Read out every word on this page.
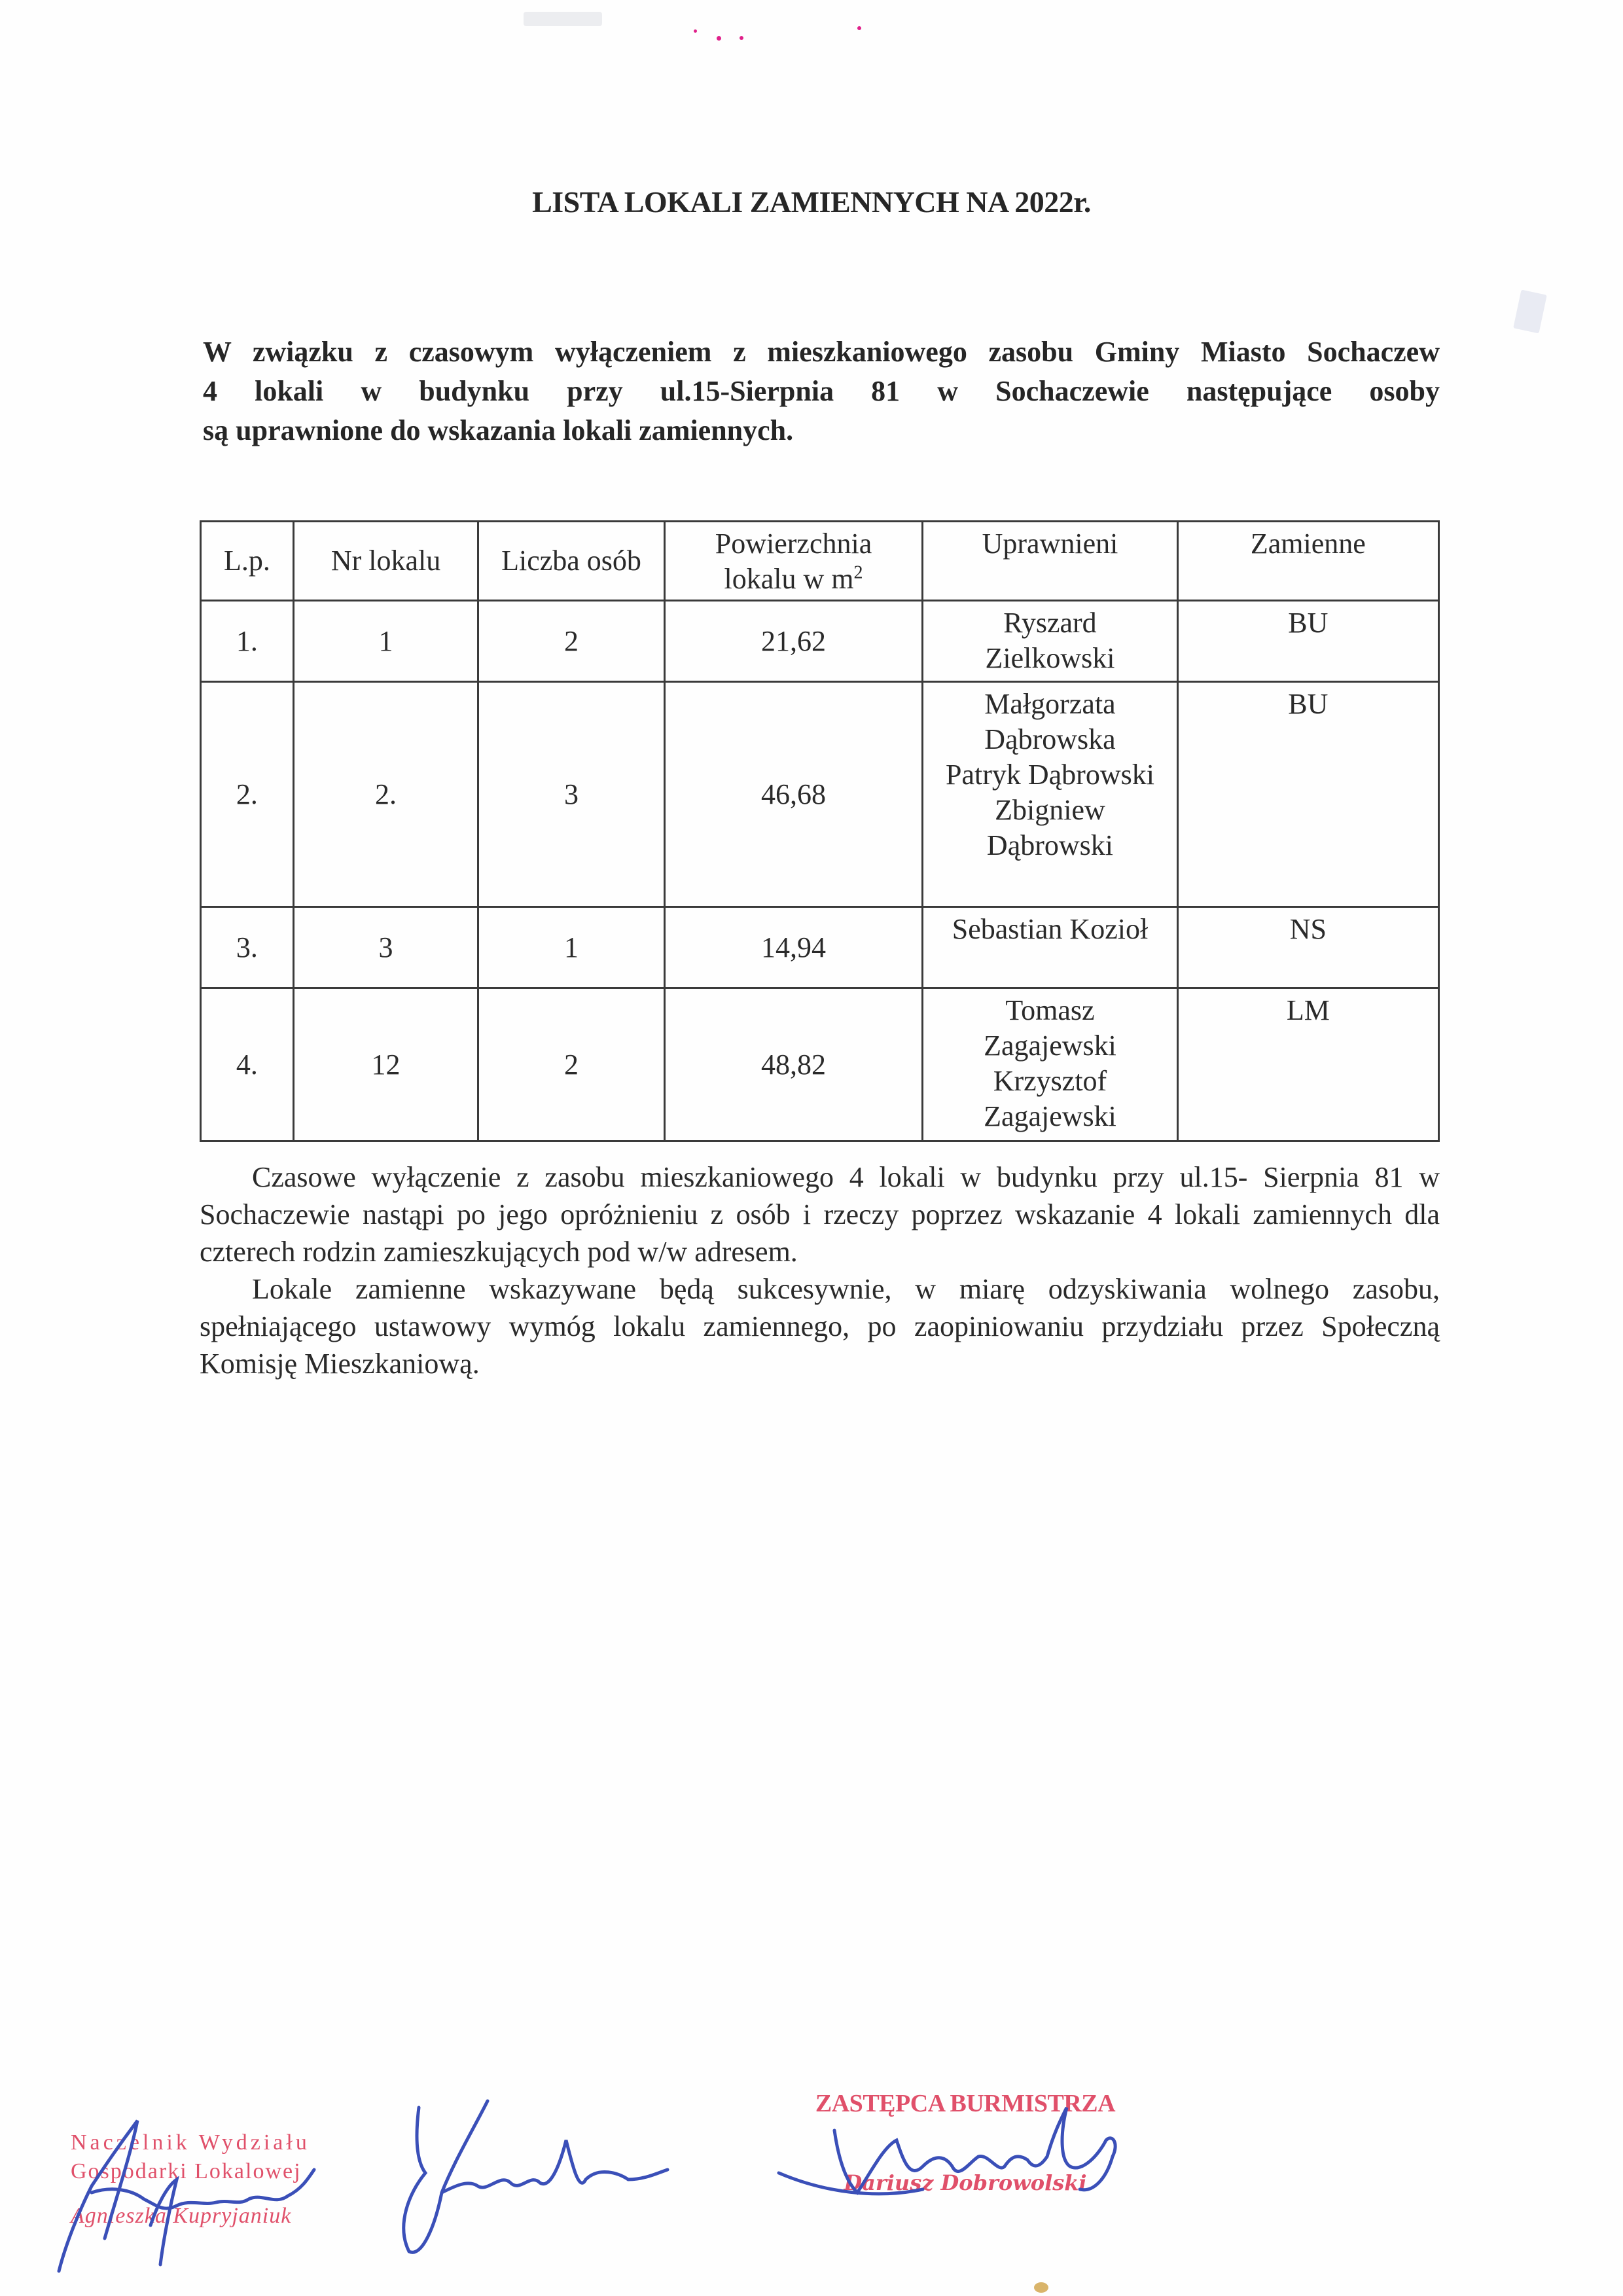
LISTA LOKALI ZAMIENNYCH NA 2022r.
W związku z czasowym wyłączeniem z mieszkaniowego zasobu Gminy Miasto Sochaczew
4 lokali w budynku przy ul.15-Sierpnia 81 w Sochaczewie następujące osoby
są uprawnione do wskazania lokali zamiennych.
L.p.	Nr lokalu	Liczba osób	Powierzchnia
lokalu w $m^2$	Uprawnieni	Zamienne
1.	1	2	21,62	Ryszard
Zielkowski	BU
2.	2.	3	46,68	Małgorzata
Dąbrowska
Patryk Dąbrowski
Zbigniew
Dąbrowski	BU
3.	3	1	14,94	Sebastian Kozioł	NS
4.	12	2	48,82	Tomasz
Zagajewski
Krzysztof
Zagajewski	LM

Czasowe wyłączenie z zasobu mieszkaniowego 4 lokali w budynku przy ul.15- Sierpnia 81 w Sochaczewie nastąpi po jego opróżnieniu z osób i rzeczy poprzez wskazanie 4 lokali zamiennych dla czterech rodzin zamieszkujących pod w/w adresem.

Lokale zamienne wskazywane będą sukcesywnie, w miarę odzyskiwania wolnego zasobu, spełniającego ustawowy wymóg lokalu zamiennego, po zaopiniowaniu przydziału przez Społeczną Komisję Mieszkaniową.

Naczelnik Wydziału
Gospodarki Lokalowej
Agnieszka Kupryjaniuk
ZASTĘPCA BURMISTRZA
Dariusz Dobrowolski
